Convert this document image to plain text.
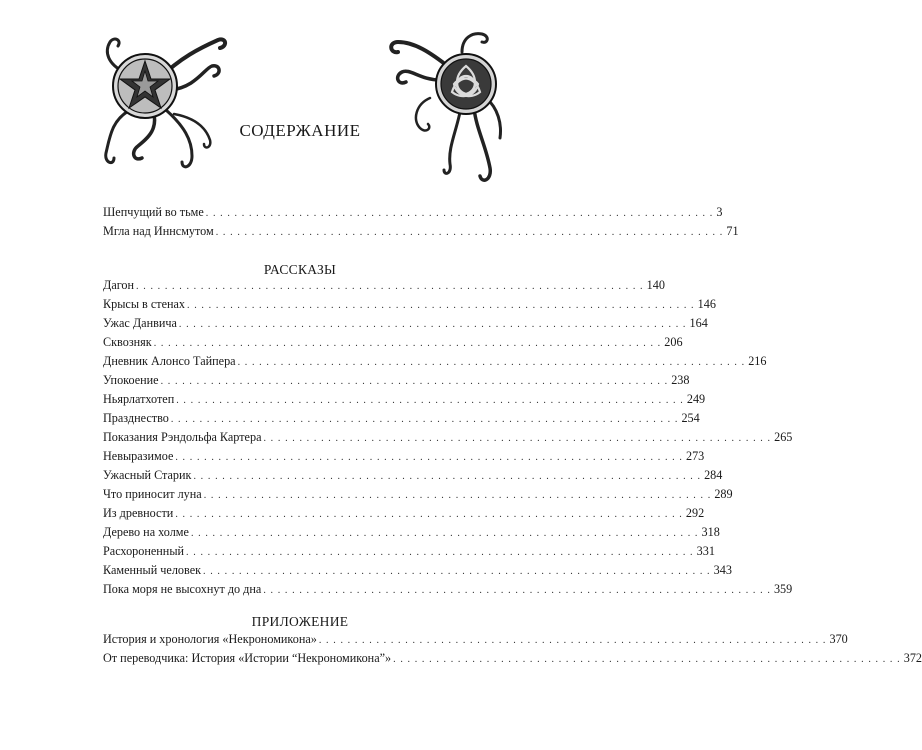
СОДЕРЖАНИЕ
Шепчущий во тьме . . . . . . . . . . . . . . . . . . . . . . . . . . . . . . . . . . . . . . . . . . . . . . . . . . . . . . . . . . . . . . . . . . . . . . . 3
Мгла над Иннсмутом . . . . . . . . . . . . . . . . . . . . . . . . . . . . . . . . . . . . . . . . . . . . . . . . . . . . . . . . . . . . . . . . . . . . . . . 71
РАССКАЗЫ
Дагон . . . . . . . . . . . . . . . . . . . . . . . . . . . . . . . . . . . . . . . . . . . . . . . . . . . . . . . . . . . . . . . . . . . . . . . 140
Крысы в стенах . . . . . . . . . . . . . . . . . . . . . . . . . . . . . . . . . . . . . . . . . . . . . . . . . . . . . . . . . . . . . . . . . . . . . . . 146
Ужас Данвича . . . . . . . . . . . . . . . . . . . . . . . . . . . . . . . . . . . . . . . . . . . . . . . . . . . . . . . . . . . . . . . . . . . . . . . 164
Сквозняк . . . . . . . . . . . . . . . . . . . . . . . . . . . . . . . . . . . . . . . . . . . . . . . . . . . . . . . . . . . . . . . . . . . . . . . 206
Дневник Алонсо Тайпера . . . . . . . . . . . . . . . . . . . . . . . . . . . . . . . . . . . . . . . . . . . . . . . . . . . . . . . . . . . . . . . . . . . . . . . 216
Упокоение . . . . . . . . . . . . . . . . . . . . . . . . . . . . . . . . . . . . . . . . . . . . . . . . . . . . . . . . . . . . . . . . . . . . . . . 238
Ньярлатхотеп . . . . . . . . . . . . . . . . . . . . . . . . . . . . . . . . . . . . . . . . . . . . . . . . . . . . . . . . . . . . . . . . . . . . . . . 249
Празднество . . . . . . . . . . . . . . . . . . . . . . . . . . . . . . . . . . . . . . . . . . . . . . . . . . . . . . . . . . . . . . . . . . . . . . . 254
Показания Рэндольфа Картера . . . . . . . . . . . . . . . . . . . . . . . . . . . . . . . . . . . . . . . . . . . . . . . . . . . . . . . . . . . . . . . . . . . . . . . 265
Невыразимое . . . . . . . . . . . . . . . . . . . . . . . . . . . . . . . . . . . . . . . . . . . . . . . . . . . . . . . . . . . . . . . . . . . . . . . 273
Ужасный Старик . . . . . . . . . . . . . . . . . . . . . . . . . . . . . . . . . . . . . . . . . . . . . . . . . . . . . . . . . . . . . . . . . . . . . . . 284
Что приносит луна . . . . . . . . . . . . . . . . . . . . . . . . . . . . . . . . . . . . . . . . . . . . . . . . . . . . . . . . . . . . . . . . . . . . . . . 289
Из древности . . . . . . . . . . . . . . . . . . . . . . . . . . . . . . . . . . . . . . . . . . . . . . . . . . . . . . . . . . . . . . . . . . . . . . . 292
Дерево на холме . . . . . . . . . . . . . . . . . . . . . . . . . . . . . . . . . . . . . . . . . . . . . . . . . . . . . . . . . . . . . . . . . . . . . . . 318
Расхороненный . . . . . . . . . . . . . . . . . . . . . . . . . . . . . . . . . . . . . . . . . . . . . . . . . . . . . . . . . . . . . . . . . . . . . . . 331
Каменный человек . . . . . . . . . . . . . . . . . . . . . . . . . . . . . . . . . . . . . . . . . . . . . . . . . . . . . . . . . . . . . . . . . . . . . . . 343
Пока моря не высохнут до дна . . . . . . . . . . . . . . . . . . . . . . . . . . . . . . . . . . . . . . . . . . . . . . . . . . . . . . . . . . . . . . . . . . . . . . . 359
ПРИЛОЖЕНИЕ
История и хронология «Некрономикона» . . . . . . . . . . . . . . . . . . . . . . . . . . . . . . . . . . . . . . . . . . . . . . . . . . . . . . . . . . . . . . . . . . . . . . . 370
От переводчика: История «Истории “Некрономикона”» . . . . . . . . . . . . . . . . . . . . . . . . . . . . . . . . . . . . . . . . . . . . . . . . . . . . . . . . . . . . . . . . . . . . . . . 372
